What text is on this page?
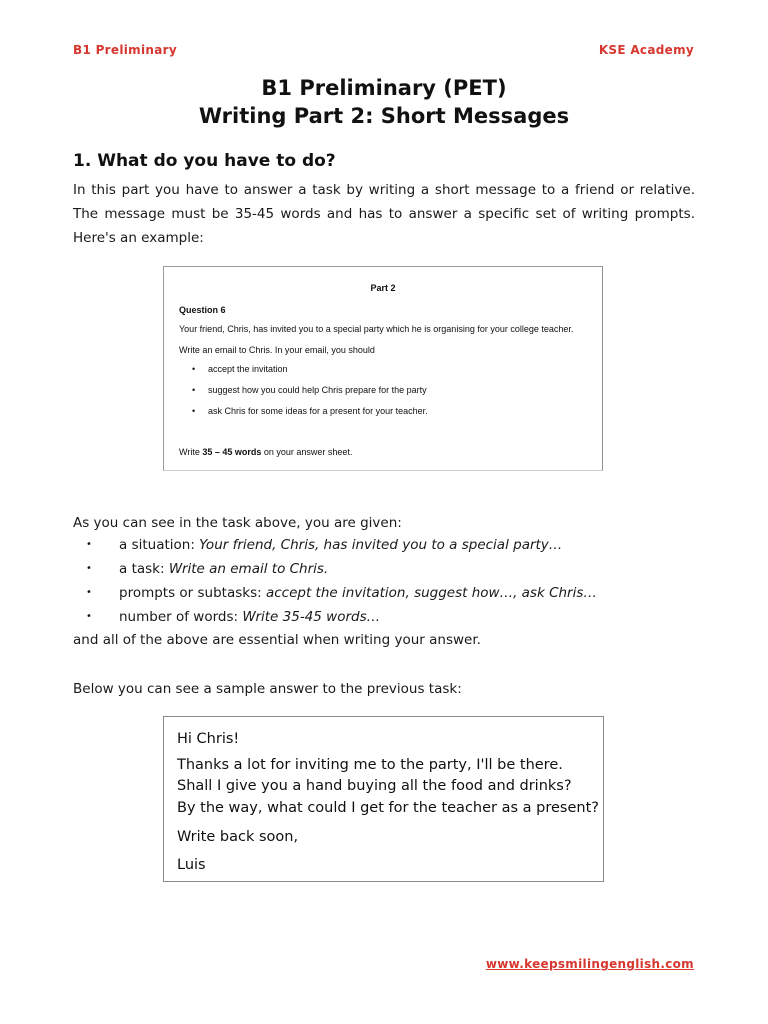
B1 Preliminary	KSE Academy
B1 Preliminary (PET)
Writing Part 2: Short Messages
1. What do you have to do?
In this part you have to answer a task by writing a short message to a friend or relative. The message must be 35-45 words and has to answer a specific set of writing prompts. Here's an example:
Part 2
Question 6
Your friend, Chris, has invited you to a special party which he is organising for your college teacher.
Write an email to Chris. In your email, you should
• accept the invitation
• suggest how you could help Chris prepare for the party
• ask Chris for some ideas for a present for your teacher.
Write 35 – 45 words on your answer sheet.
As you can see in the task above, you are given:
• a situation: Your friend, Chris, has invited you to a special party…
• a task: Write an email to Chris.
• prompts or subtasks: accept the invitation, suggest how…, ask Chris…
• number of words: Write 35-45 words…
and all of the above are essential when writing your answer.
Below you can see a sample answer to the previous task:
Hi Chris!
Thanks a lot for inviting me to the party, I'll be there.
Shall I give you a hand buying all the food and drinks?
By the way, what could I get for the teacher as a present?
Write back soon,
Luis
www.keepsmilingenglish.com
